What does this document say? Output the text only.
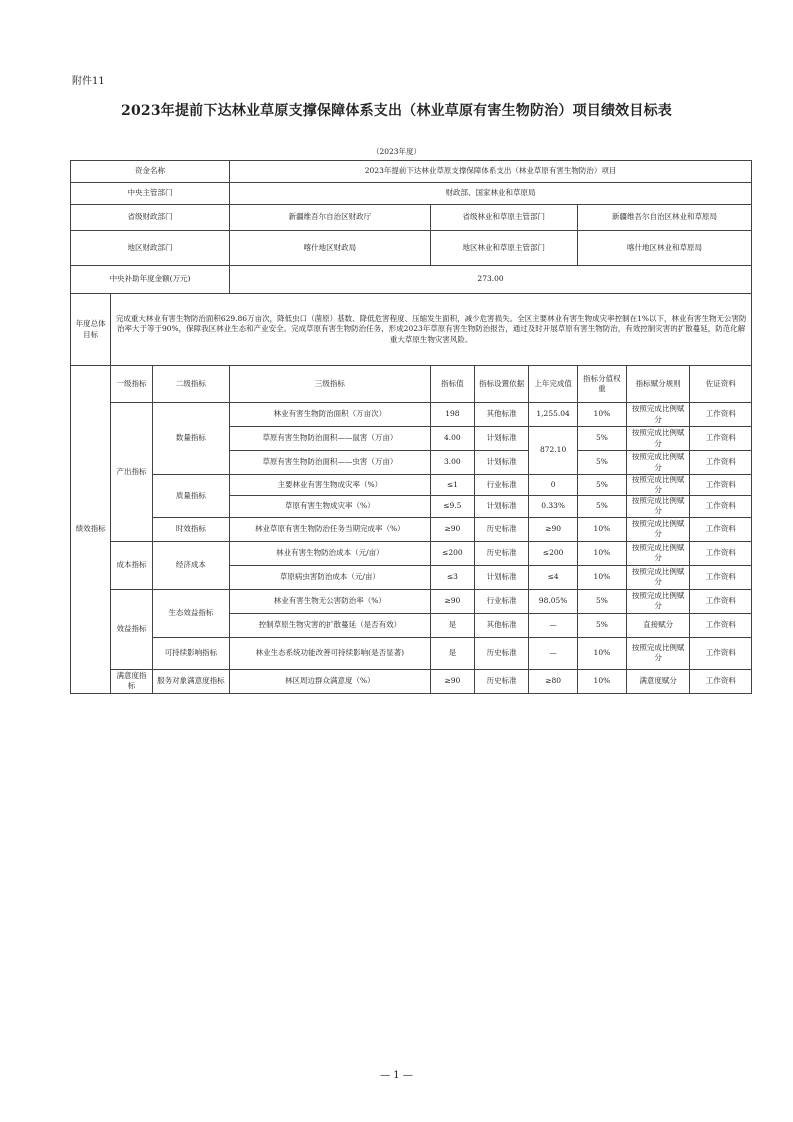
附件11
2023年提前下达林业草原支撑保障体系支出（林业草原有害生物防治）项目绩效目标表
（2023年度）
资金名称			2023年提前下达林业草原支撑保障体系支出（林业草原有害生物防治）项目						
中央主管部门			财政部、国家林业和草原局						
省级财政部门			新疆维吾尔自治区财政厅	省级林业和草原主管部门			新疆维吾尔自治区林业和草原局		
地区财政部门			喀什地区财政局	地区林业和草原主管部门			喀什地区林业和草原局		
中央补助年度金额(万元)			273.00						
年度总体目标	完成重大林业有害生物防治面积629.86万亩次，降低虫口（菌原）基数、降低危害程度、压缩发生面积，减少危害损失。全区主要林业有害生物成灾率控制在1%以下，林业有害生物无公害防治率大于等于90%，保障我区林业生态和产业安全。完成草原有害生物防治任务，形成2023年草原有害生物防治报告，通过及时开展草原有害生物防治，有效控制灾害的扩散蔓延，防范化解重大草原生物灾害风险。								
绩效指标	一级指标	二级指标	三级指标	指标值	指标设置依据	上年完成值	指标分值权重	指标赋分规则	佐证资料
	产出指标	数量指标	林业有害生物防治面积（万亩次）	198	其他标准	1,255.04	10%	按照完成比例赋分	工作资料
			草原有害生物防治面积——鼠害（万亩）	4.00	计划标准	872.10	5%	按照完成比例赋分	工作资料
			草原有害生物防治面积——虫害（万亩）	3.00	计划标准		5%	按照完成比例赋分	工作资料
		质量指标	主要林业有害生物成灾率（%）	≤1	行业标准	0	5%	按照完成比例赋分	工作资料
			草原有害生物成灾率（%）	≤9.5	计划标准	0.33%	5%	按照完成比例赋分	工作资料
		时效指标	林业草原有害生物防治任务当期完成率（%）	≥90	历史标准	≥90	10%	按照完成比例赋分	工作资料
	成本指标	经济成本	林业有害生物防治成本（元/亩）	≤200	历史标准	≤200	10%	按照完成比例赋分	工作资料
			草原病虫害防治成本（元/亩）	≤3	计划标准	≤4	10%	按照完成比例赋分	工作资料
	效益指标	生态效益指标	林业有害生物无公害防治率（%）	≥90	行业标准	98.05%	5%	按照完成比例赋分	工作资料
			控制草原生物灾害的扩散蔓延（是否有效）	是	其他标准	—	5%	直接赋分	工作资料
		可持续影响指标	林业生态系统功能改善可持续影响(是否显著)	是	历史标准	—	10%	按照完成比例赋分	工作资料
	满意度指标	服务对象满意度指标	林区周边群众满意度（%）	≥90	历史标准	≥80	10%	满意度赋分	工作资料
— 1 —
